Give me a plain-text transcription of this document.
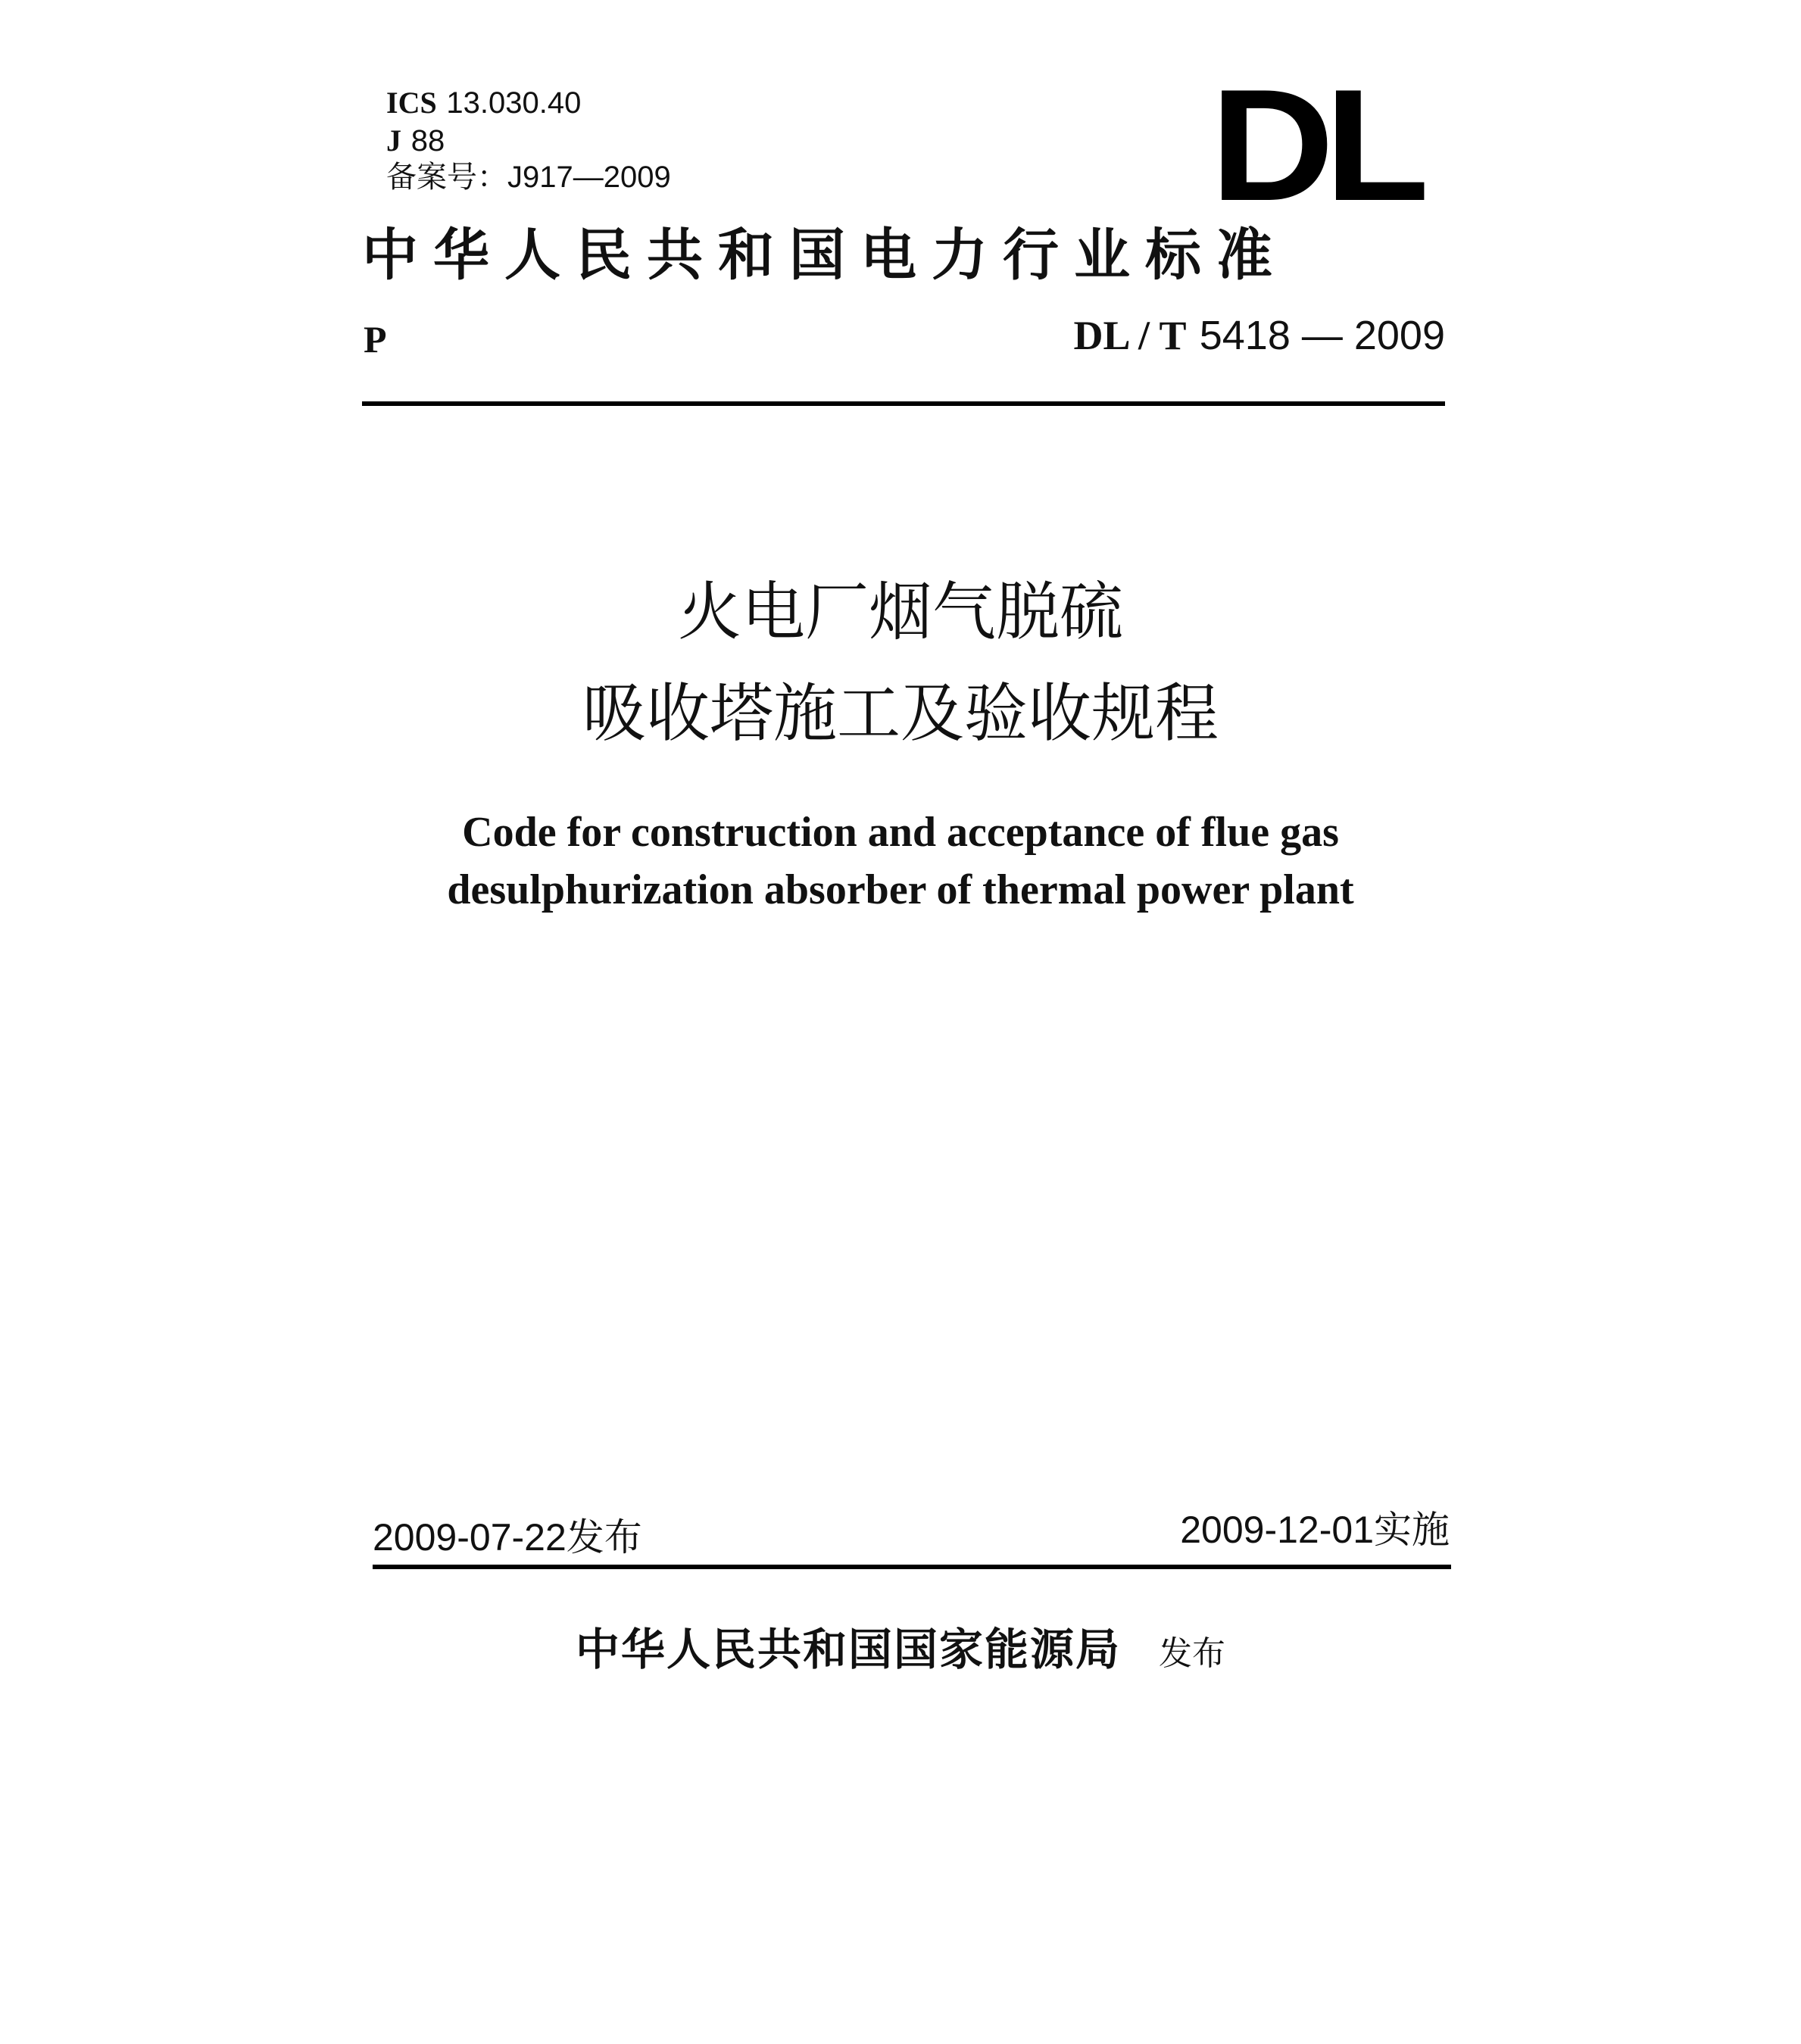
ICS 13.030.40
J 88
备案号：J917—2009	DL
中华人民共和国电力行业标准
P	DL / T 5418 — 2009
火电厂烟气脱硫
吸收塔施工及验收规程
Code for construction and acceptance of flue gas
desulphurization absorber of thermal power plant
2009-07-22发布	2009-12-01实施
中华人民共和国国家能源局 发布
